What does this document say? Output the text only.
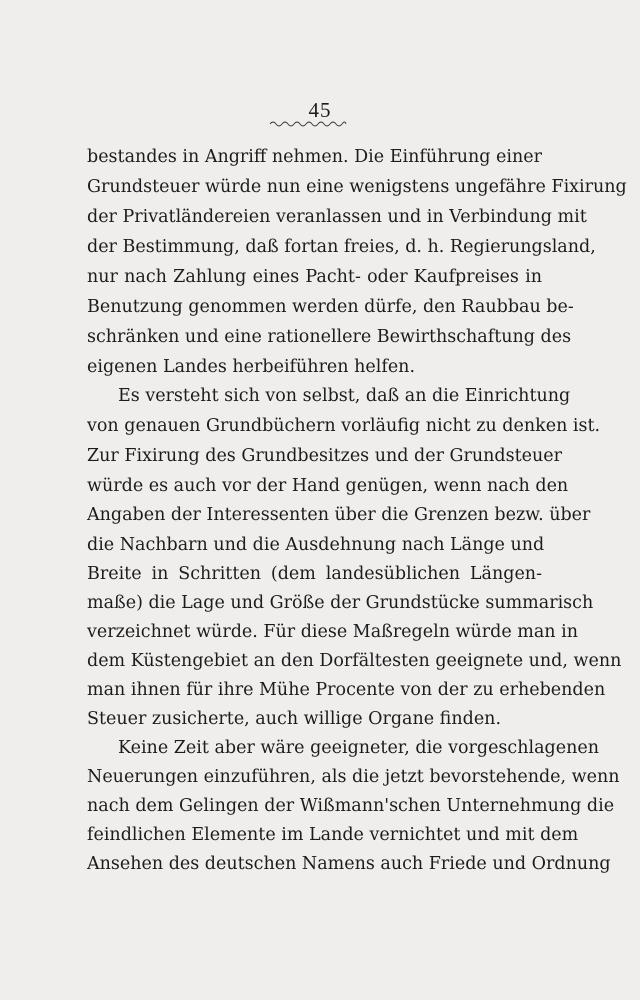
45
bestandes in Angriff nehmen. Die Einführung einer
Grundsteuer würde nun eine wenigstens ungefähre Fixirung
der Privatländereien veranlassen und in Verbindung mit
der Bestimmung, daß fortan freies, d. h. Regierungsland,
nur nach Zahlung eines Pacht- oder Kaufpreises in
Benutzung genommen werden dürfe, den Raubbau be-
schränken und eine rationellere Bewirthschaftung des
eigenen Landes herbeiführen helfen.
Es versteht sich von selbst, daß an die Einrichtung
von genauen Grundbüchern vorläufig nicht zu denken ist.
Zur Fixirung des Grundbesitzes und der Grundsteuer
würde es auch vor der Hand genügen, wenn nach den
Angaben der Interessenten über die Grenzen bezw. über
die Nachbarn und die Ausdehnung nach Länge und
Breite in Schritten (dem landesüblichen Längen-
maße) die Lage und Größe der Grundstücke summarisch
verzeichnet würde. Für diese Maßregeln würde man in
dem Küstengebiet an den Dorfältesten geeignete und, wenn
man ihnen für ihre Mühe Procente von der zu erhebenden
Steuer zusicherte, auch willige Organe finden.
Keine Zeit aber wäre geeigneter, die vorgeschlagenen
Neuerungen einzuführen, als die jetzt bevorstehende, wenn
nach dem Gelingen der Wißmann'schen Unternehmung die
feindlichen Elemente im Lande vernichtet und mit dem
Ansehen des deutschen Namens auch Friede und Ordnung
